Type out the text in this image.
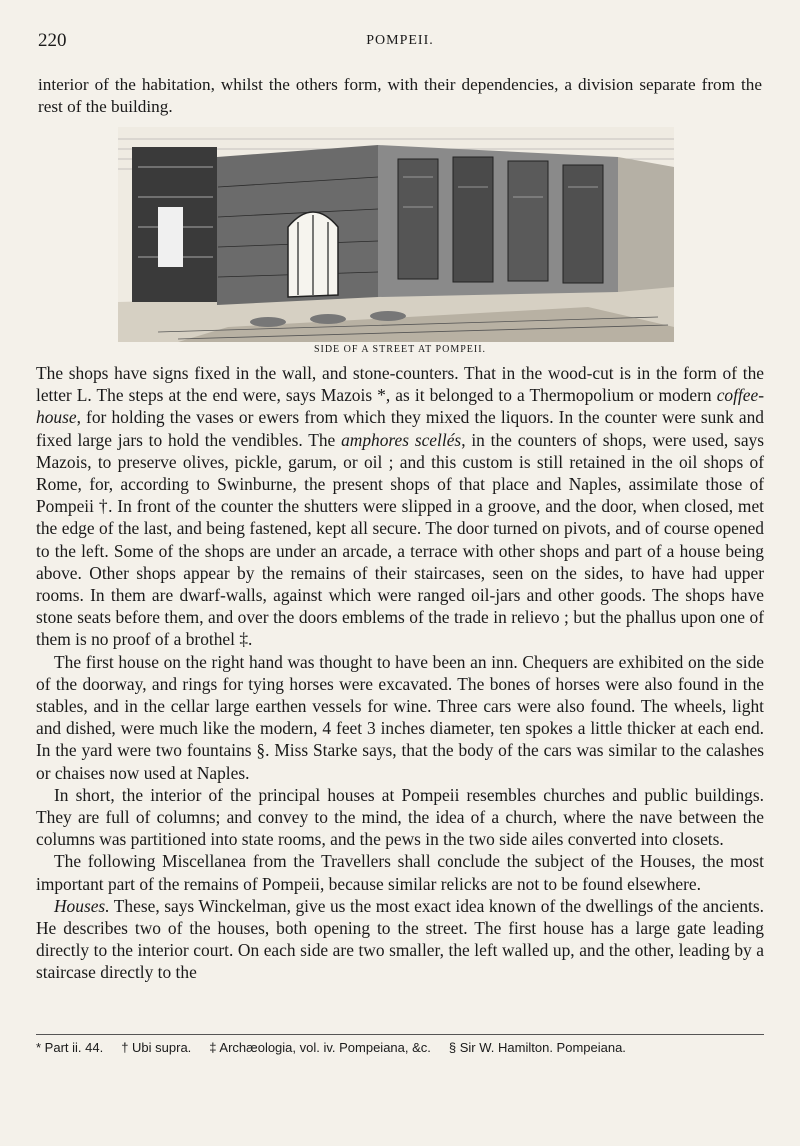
220	POMPEII.

interior of the habitation, whilst the others form, with their dependencies, a division separate from the rest of the building.

SIDE OF A STREET AT POMPEII.

The shops have signs fixed in the wall, and stone-counters. That in the wood-cut is in the form of the letter L. The steps at the end were, says Mazois *, as it belonged to a Thermopolium or modern coffee-house, for holding the vases or ewers from which they mixed the liquors. In the counter were sunk and fixed large jars to hold the vendibles. The amphores scellés, in the counters of shops, were used, says Mazois, to preserve olives, pickle, garum, or oil ; and this custom is still retained in the oil shops of Rome, for, according to Swinburne, the present shops of that place and Naples, assimilate those of Pompeii †. In front of the counter the shutters were slipped in a groove, and the door, when closed, met the edge of the last, and being fastened, kept all secure. The door turned on pivots, and of course opened to the left. Some of the shops are under an arcade, a terrace with other shops and part of a house being above. Other shops appear by the remains of their staircases, seen on the sides, to have had upper rooms. In them are dwarf-walls, against which were ranged oil-jars and other goods. The shops have stone seats before them, and over the doors emblems of the trade in relievo ; but the phallus upon one of them is no proof of a brothel ‡.

The first house on the right hand was thought to have been an inn. Chequers are exhibited on the side of the doorway, and rings for tying horses were excavated. The bones of horses were also found in the stables, and in the cellar large earthen vessels for wine. Three cars were also found. The wheels, light and dished, were much like the modern, 4 feet 3 inches diameter, ten spokes a little thicker at each end. In the yard were two fountains §. Miss Starke says, that the body of the cars was similar to the calashes or chaises now used at Naples.

In short, the interior of the principal houses at Pompeii resembles churches and public buildings. They are full of columns; and convey to the mind, the idea of a church, where the nave between the columns was partitioned into state rooms, and the pews in the two side ailes converted into closets.

The following Miscellanea from the Travellers shall conclude the subject of the Houses, the most important part of the remains of Pompeii, because similar relicks are not to be found elsewhere.

Houses. These, says Winckelman, give us the most exact idea known of the dwellings of the ancients. He describes two of the houses, both opening to the street. The first house has a large gate leading directly to the interior court. On each side are two smaller, the left walled up, and the other, leading by a staircase directly to the

* Part ii. 44. † Ubi supra. ‡ Archæologia, vol. iv. Pompeiana, &c. § Sir W. Hamilton. Pompeiana.
